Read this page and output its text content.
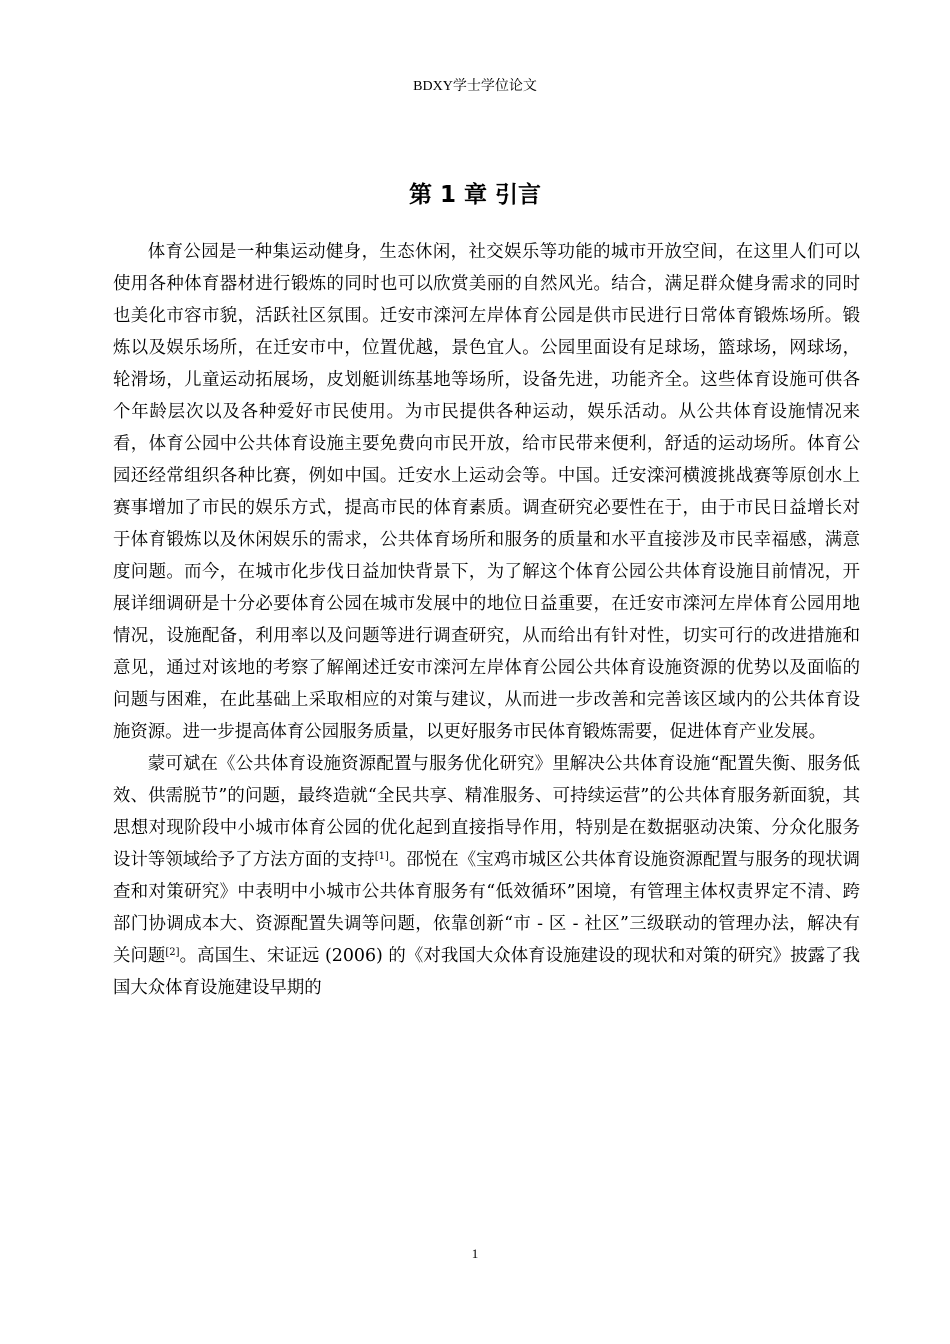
BDXY学士学位论文
第 1 章 引言

体育公园是一种集运动健身，生态休闲，社交娱乐等功能的城市开放空间，在这里人们可以使用各种体育器材进行锻炼的同时也可以欣赏美丽的自然风光。结合，满足群众健身需求的同时也美化市容市貌，活跃社区氛围。迁安市滦河左岸体育公园是供市民进行日常体育锻炼场所。锻炼以及娱乐场所，在迁安市中，位置优越，景色宜人。公园里面设有足球场，篮球场，网球场，轮滑场，儿童运动拓展场，皮划艇训练基地等场所，设备先进，功能齐全。这些体育设施可供各个年龄层次以及各种爱好市民使用。为市民提供各种运动，娱乐活动。从公共体育设施情况来看，体育公园中公共体育设施主要免费向市民开放，给市民带来便利，舒适的运动场所。体育公园还经常组织各种比赛，例如中国。迁安水上运动会等。中国。迁安滦河横渡挑战赛等原创水上赛事增加了市民的娱乐方式，提高市民的体育素质。调查研究必要性在于，由于市民日益增长对于体育锻炼以及休闲娱乐的需求，公共体育场所和服务的质量和水平直接涉及市民幸福感，满意度问题。而今，在城市化步伐日益加快背景下，为了解这个体育公园公共体育设施目前情况，开展详细调研是十分必要体育公园在城市发展中的地位日益重要，在迁安市滦河左岸体育公园用地情况，设施配备，利用率以及问题等进行调查研究，从而给出有针对性，切实可行的改进措施和意见，通过对该地的考察了解阐述迁安市滦河左岸体育公园公共体育设施资源的优势以及面临的问题与困难，在此基础上采取相应的对策与建议，从而进一步改善和完善该区域内的公共体育设施资源。进一步提高体育公园服务质量，以更好服务市民体育锻炼需要，促进体育产业发展。

蒙可斌在《公共体育设施资源配置与服务优化研究》里解决公共体育设施“配置失衡、服务低效、供需脱节”的问题，最终造就“全民共享、精准服务、可持续运营”的公共体育服务新面貌，其思想对现阶段中小城市体育公园的优化起到直接指导作用，特别是在数据驱动决策、分众化服务设计等领域给予了方法方面的支持[1]。邵悦在《宝鸡市城区公共体育设施资源配置与服务的现状调查和对策研究》中表明中小城市公共体育服务有“低效循环”困境，有管理主体权责界定不清、跨部门协调成本大、资源配置失调等问题，依靠创新“市 - 区 - 社区”三级联动的管理办法，解决有关问题[2]。高国生、宋证远 (2006) 的《对我国大众体育设施建设的现状和对策的研究》披露了我国大众体育设施建设早期的

1
